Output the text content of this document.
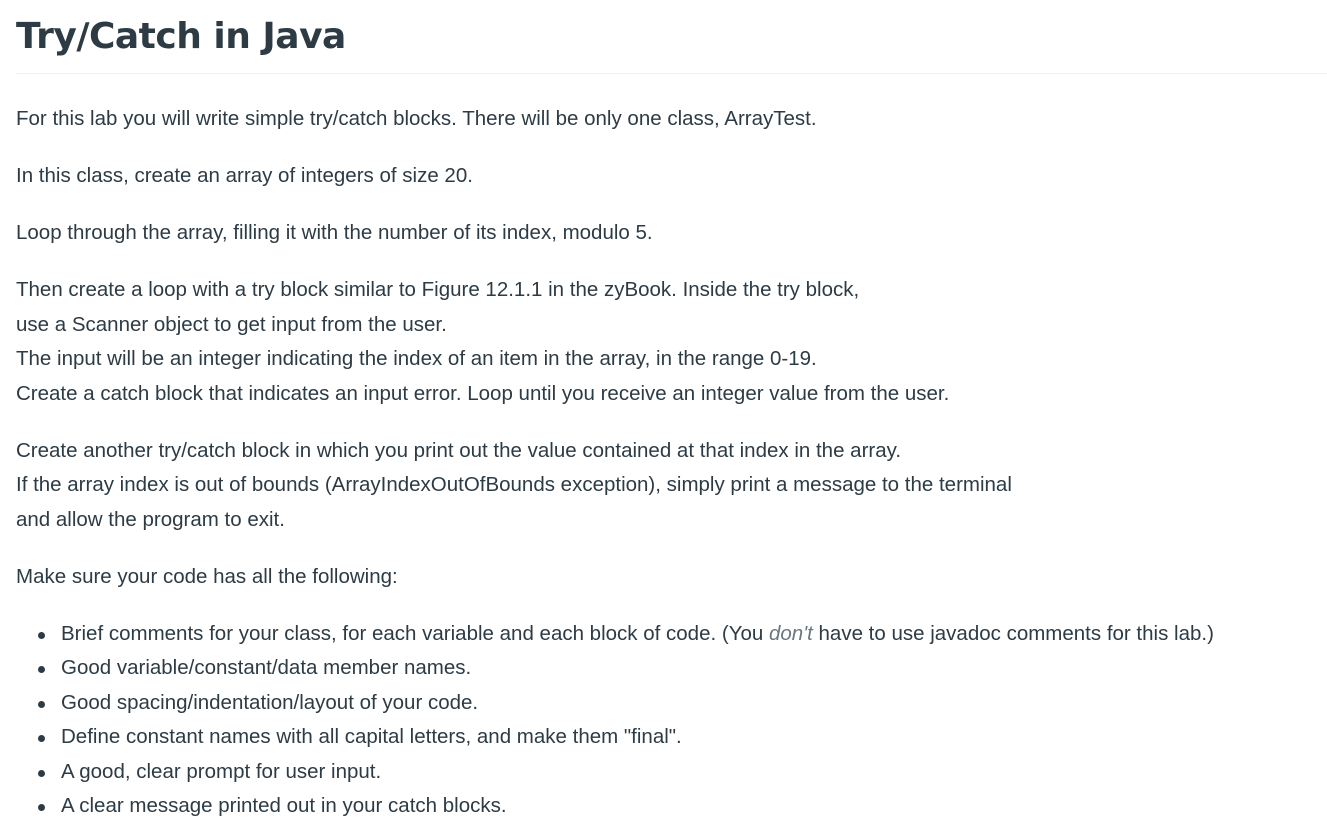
Try/Catch in Java

For this lab you will write simple try/catch blocks. There will be only one class, ArrayTest.

In this class, create an array of integers of size 20.

Loop through the array, filling it with the number of its index, modulo 5.

Then create a loop with a try block similar to Figure 12.1.1 in the zyBook. Inside the try block,
use a Scanner object to get input from the user.
The input will be an integer indicating the index of an item in the array, in the range 0-19.
Create a catch block that indicates an input error. Loop until you receive an integer value from the user.

Create another try/catch block in which you print out the value contained at that index in the array.
If the array index is out of bounds (ArrayIndexOutOfBounds exception), simply print a message to the terminal
and allow the program to exit.

Make sure your code has all the following:

Brief comments for your class, for each variable and each block of code. (You don't have to use javadoc comments for this lab.)
Good variable/constant/data member names.
Good spacing/indentation/layout of your code.
Define constant names with all capital letters, and make them "final".
A good, clear prompt for user input.
A clear message printed out in your catch blocks.
